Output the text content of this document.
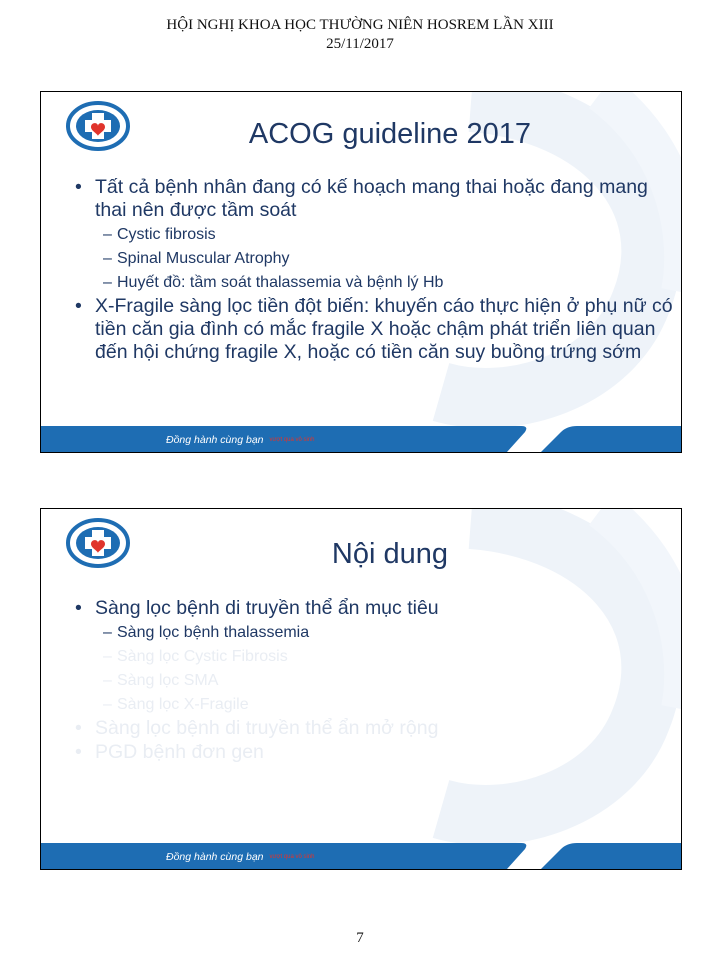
HỘI NGHỊ KHOA HỌC THƯỜNG NIÊN HOSREM LẦN XIII
25/11/2017
ACOG guideline 2017
• Tất cả bệnh nhân đang có kế hoạch mang thai hoặc đang mang thai nên được tầm soát
– Cystic fibrosis
– Spinal Muscular Atrophy
– Huyết đồ: tầm soát thalassemia và bệnh lý Hb
• X-Fragile sàng lọc tiền đột biến: khuyến cáo thực hiện ở phụ nữ có tiền căn gia đình có mắc fragile X hoặc chậm phát triển liên quan đến hội chứng fragile X, hoặc có tiền căn suy buồng trứng sớm
Đồng hành cùng bạn vượt qua vô sinh
Nội dung
• Sàng lọc bệnh di truyền thể ẩn mục tiêu
– Sàng lọc bệnh thalassemia
– Sàng lọc Cystic Fibrosis
– Sàng lọc SMA
– Sàng lọc X-Fragile
• Sàng lọc bệnh di truyền thể ẩn mở rộng
• PGD bệnh đơn gen
Đồng hành cùng bạn vượt qua vô sinh
7
